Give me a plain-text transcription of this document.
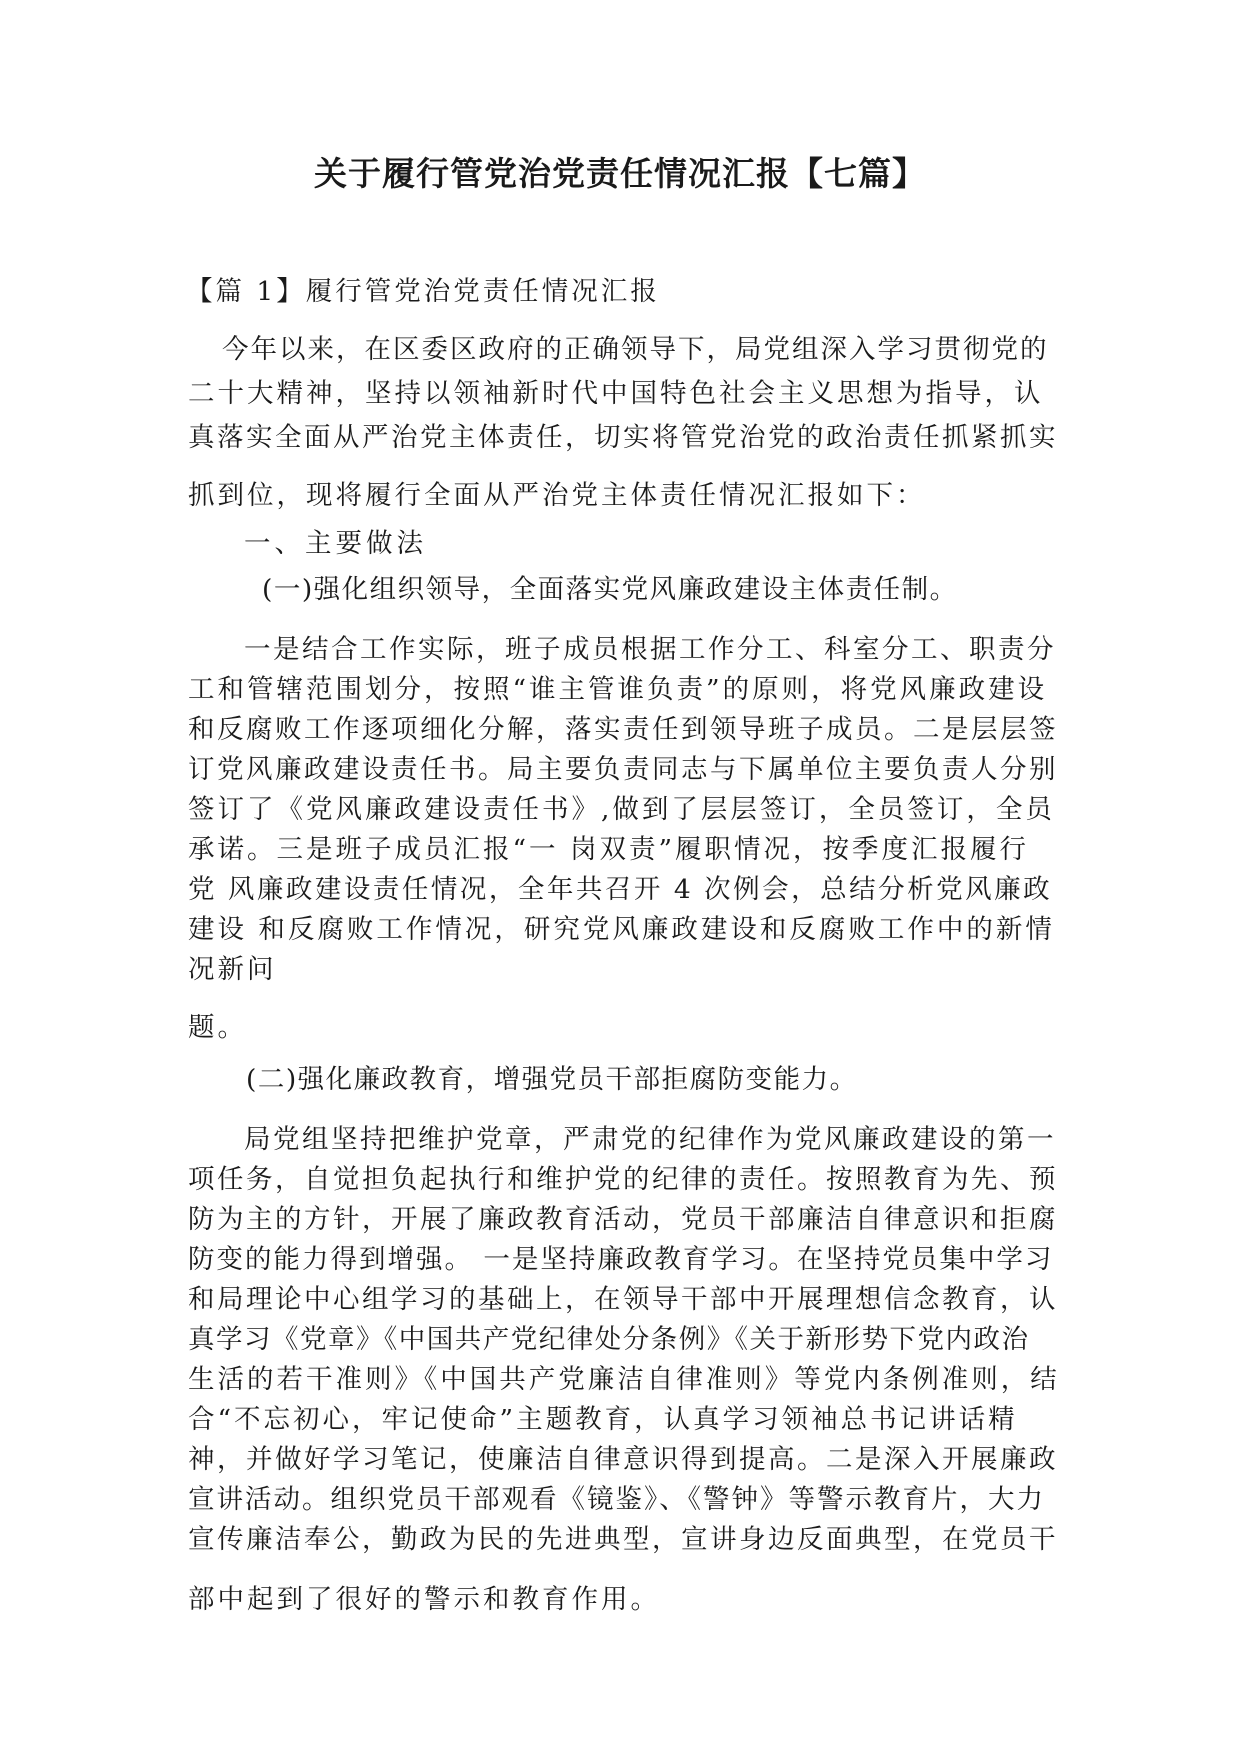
关于履行管党治党责任情况汇报【七篇】

【篇 1】履行管党治党责任情况汇报

今年以来，在区委区政府的正确领导下，局党组深入学习贯彻党的

二十大精神，坚持以领袖新时代中国特色社会主义思想为指导，认

真落实全面从严治党主体责任，切实将管党治党的政治责任抓紧抓实

抓到位，现将履行全面从严治党主体责任情况汇报如下：

一、主要做法

(一)强化组织领导，全面落实党风廉政建设主体责任制。

一是结合工作实际，班子成员根据工作分工、科室分工、职责分

工和管辖范围划分，按照“谁主管谁负责”的原则，将党风廉政建设

和反腐败工作逐项细化分解，落实责任到领导班子成员。二是层层签

订党风廉政建设责任书。局主要负责同志与下属单位主要负责人分别

签订了《党风廉政建设责任书》,做到了层层签订，全员签订，全员

承诺。三是班子成员汇报“一 岗双责”履职情况，按季度汇报履行

党 风廉政建设责任情况，全年共召开 4 次例会，总结分析党风廉政

建设 和反腐败工作情况，研究党风廉政建设和反腐败工作中的新情

况新问

题。

(二)强化廉政教育，增强党员干部拒腐防变能力。

局党组坚持把维护党章，严肃党的纪律作为党风廉政建设的第一

项任务，自觉担负起执行和维护党的纪律的责任。按照教育为先、预

防为主的方针，开展了廉政教育活动，党员干部廉洁自律意识和拒腐

防变的能力得到增强。 一是坚持廉政教育学习。在坚持党员集中学习

和局理论中心组学习的基础上，在领导干部中开展理想信念教育，认

真学习《党章》《中国共产党纪律处分条例》《关于新形势下党内政治

生活的若干准则》《中国共产党廉洁自律准则》等党内条例准则，结

合“不忘初心，牢记使命”主题教育，认真学习领袖总书记讲话精

神，并做好学习笔记，使廉洁自律意识得到提高。二是深入开展廉政

宣讲活动。组织党员干部观看《镜鉴》、《警钟》等警示教育片，大力

宣传廉洁奉公，勤政为民的先进典型，宣讲身边反面典型，在党员干

部中起到了很好的警示和教育作用。
